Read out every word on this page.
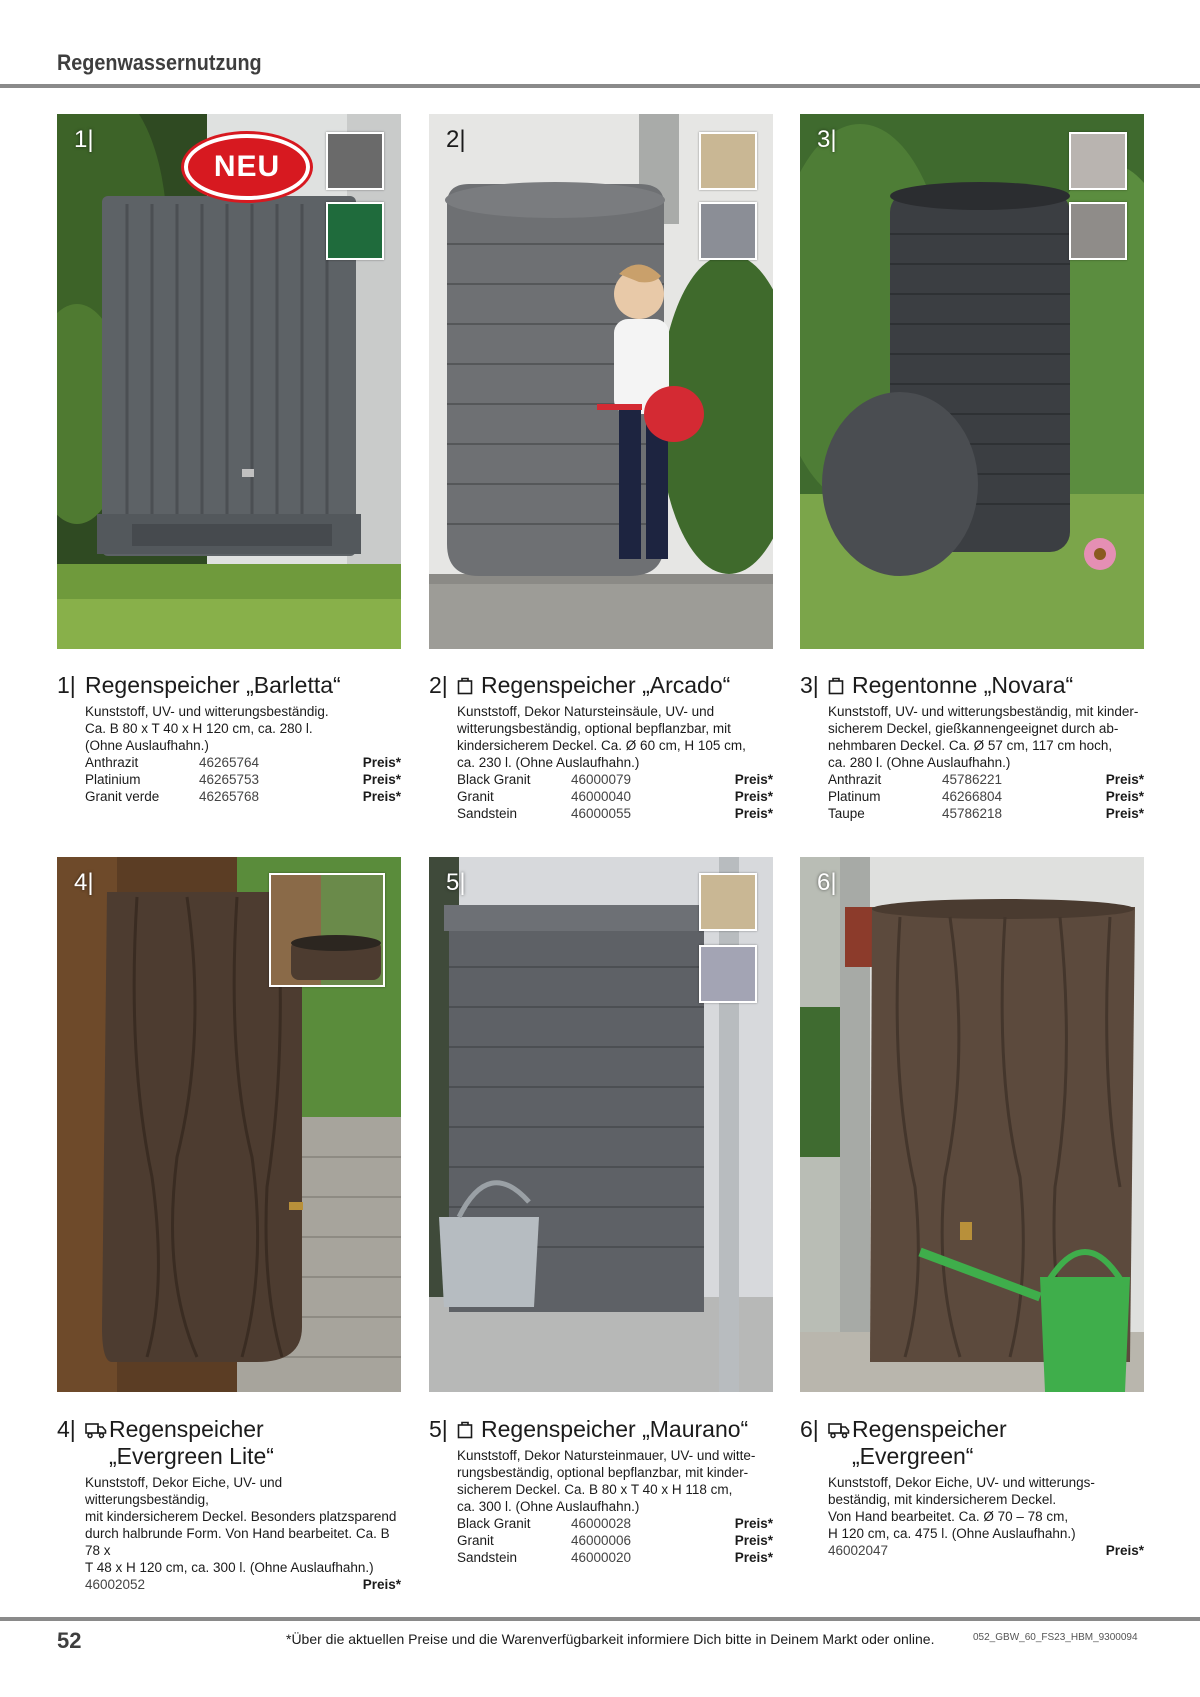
Regenwassernutzung
1|
NEU
2|	3|
1| Regenspeicher „Barletta“

Kunststoff, UV- und witterungsbeständig.
Ca. B 80 x T 40 x H 120 cm, ca. 280 l.
(Ohne Auslaufhahn.)

Anthrazit	46265764	Preis*
Platinium	46265753	Preis*
Granit verde	46265768	Preis*
2|	Regenspeicher „Arcado“

Kunststoff, Dekor Natursteinsäule, UV- und
witterungsbeständig, optional bepflanzbar, mit
kindersicherem Deckel. Ca. Ø 60 cm, H 105 cm,
ca. 230 l. (Ohne Auslaufhahn.)

Black Granit	46000079	Preis*
Granit	46000040	Preis*
Sandstein	46000055	Preis*
3|	Regentonne „Novara“

Kunststoff, UV- und witterungsbeständig, mit kinder-
sicherem Deckel, gießkannengeeignet durch ab-
nehmbaren Deckel. Ca. Ø 57 cm, 117 cm hoch,
ca. 280 l. (Ohne Auslaufhahn.)

Anthrazit	45786221	Preis*
Platinum	46266804	Preis*
Taupe	45786218	Preis*
4|	5|	6|
4|	Regenspeicher
„Evergreen Lite“

Kunststoff, Dekor Eiche, UV- und witterungsbeständig,
mit kindersicherem Deckel. Besonders platzsparend
durch halbrunde Form. Von Hand bearbeitet. Ca. B 78 x
T 48 x H 120 cm, ca. 300 l. (Ohne Auslaufhahn.)

46002052	Preis*
5|	Regenspeicher „Maurano“

Kunststoff, Dekor Natursteinmauer, UV- und witte-
rungsbeständig, optional bepflanzbar, mit kinder-
sicherem Deckel. Ca. B 80 x T 40 x H 118 cm,
ca. 300 l. (Ohne Auslaufhahn.)

Black Granit	46000028	Preis*
Granit	46000006	Preis*
Sandstein	46000020	Preis*
6|	Regenspeicher
„Evergreen“

Kunststoff, Dekor Eiche, UV- und witterungs-
beständig, mit kindersicherem Deckel.
Von Hand bearbeitet. Ca. Ø 70 – 78 cm,
H 120 cm, ca. 475 l. (Ohne Auslaufhahn.)

46002047	Preis*
52	*Über die aktuellen Preise und die Warenverfügbarkeit informiere Dich bitte in Deinem Markt oder online.	052_GBW_60_FS23_HBM_9300094
